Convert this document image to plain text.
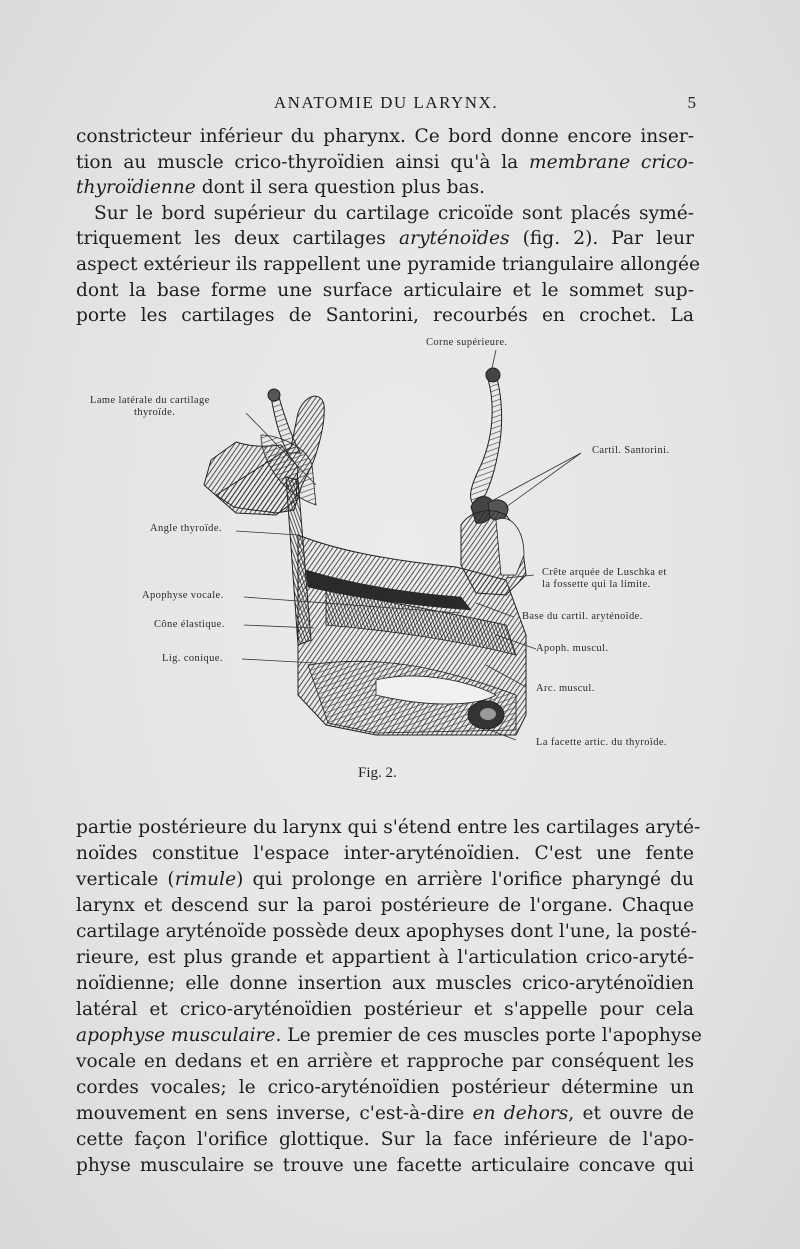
ANATOMIE DU LARYNX.	5

constricteur inférieur du pharynx. Ce bord donne encore inser-
tion au muscle crico-thyroïdien ainsi qu'à la membrane crico-
thyroïdienne dont il sera question plus bas.
Sur le bord supérieur du cartilage cricoïde sont placés symé-
triquement les deux cartilages aryténoïdes (fig. 2). Par leur
aspect extérieur ils rappellent une pyramide triangulaire allongée
dont la base forme une surface articulaire et le sommet sup-
porte les cartilages de Santorini, recourbés en crochet. La

Corne supérieure.
Lame latérale du cartilage
thyroïde.
Cartil. Santorini.
Angle thyroïde.
Crête arquée de Luschka et
la fossette qui la limite.
Apophyse vocale.
Base du cartil. aryténoïde.
Cône élastique.
Apoph. muscul.
Lig. conique.
Arc. muscul.
La facette artic. du thyroïde.
Fig. 2.

partie postérieure du larynx qui s'étend entre les cartilages aryté-
noïdes constitue l'espace inter-aryténoïdien. C'est une fente
verticale (rimule) qui prolonge en arrière l'orifice pharyngé du
larynx et descend sur la paroi postérieure de l'organe. Chaque
cartilage aryténoïde possède deux apophyses dont l'une, la posté-
rieure, est plus grande et appartient à l'articulation crico-aryté-
noïdienne; elle donne insertion aux muscles crico-aryténoïdien
latéral et crico-aryténoïdien postérieur et s'appelle pour cela
apophyse musculaire. Le premier de ces muscles porte l'apophyse
vocale en dedans et en arrière et rapproche par conséquent les
cordes vocales; le crico-aryténoïdien postérieur détermine un
mouvement en sens inverse, c'est-à-dire en dehors, et ouvre de
cette façon l'orifice glottique. Sur la face inférieure de l'apo-
physe musculaire se trouve une facette articulaire concave qui
